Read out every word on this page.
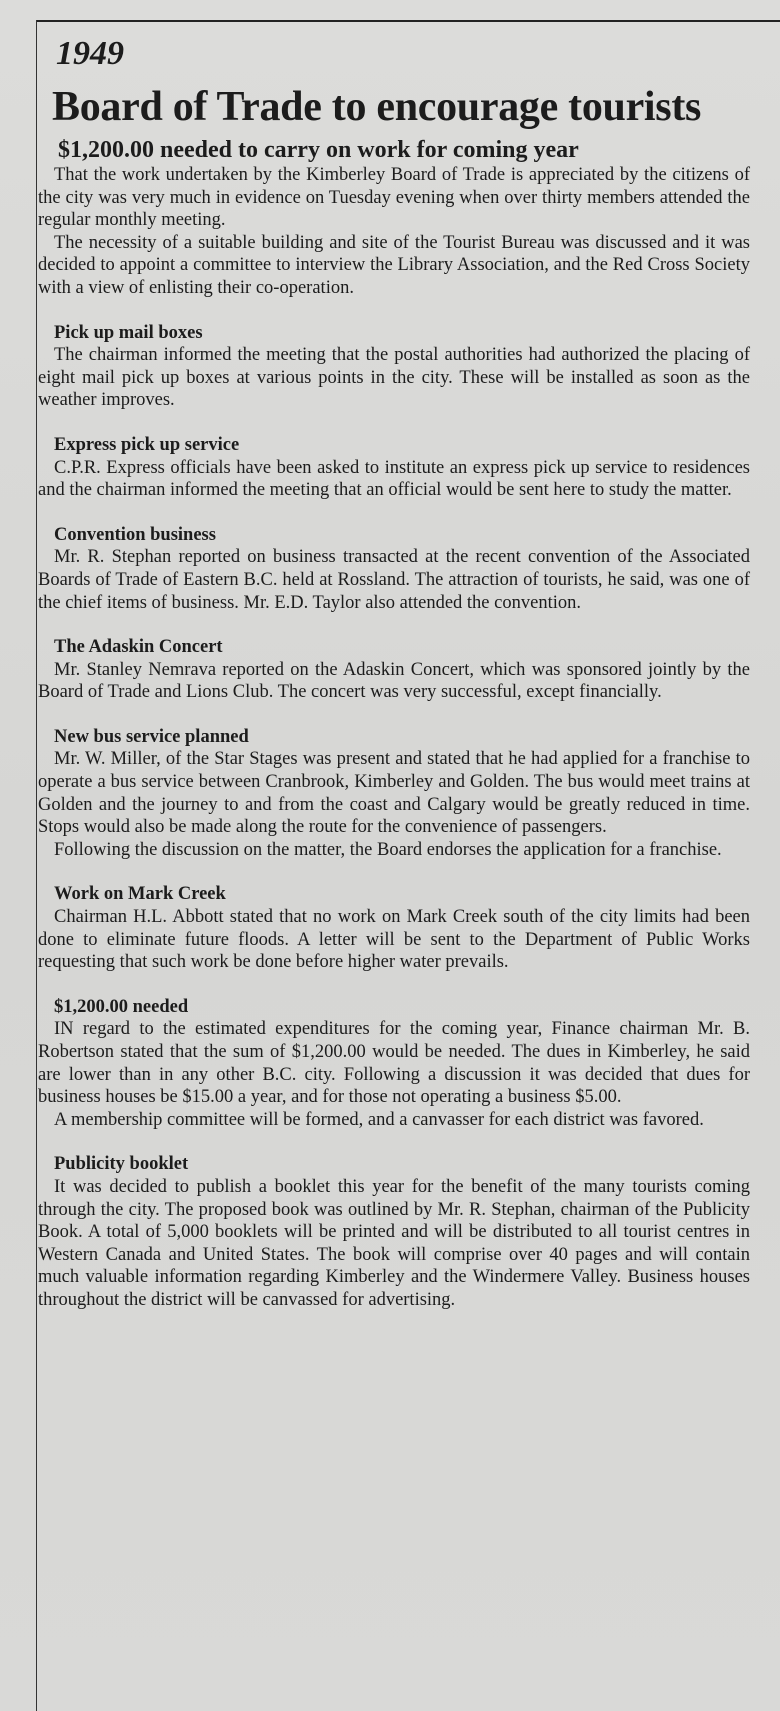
1949
Board of Trade to encourage tourists
$1,200.00 needed to carry on work for coming year

That the work undertaken by the Kimberley Board of Trade is appreciated by the citizens of the city was very much in evidence on Tuesday evening when over thirty members attended the regular monthly meeting.

The necessity of a suitable building and site of the Tourist Bureau was discussed and it was decided to appoint a committee to interview the Library Association, and the Red Cross Society with a view of enlisting their co-operation.

Pick up mail boxes

The chairman informed the meeting that the postal authorities had authorized the placing of eight mail pick up boxes at various points in the city. These will be installed as soon as the weather improves.

Express pick up service

C.P.R. Express officials have been asked to institute an express pick up service to residences and the chairman informed the meeting that an official would be sent here to study the matter.

Convention business

Mr. R. Stephan reported on business transacted at the recent convention of the Associated Boards of Trade of Eastern B.C. held at Rossland. The attraction of tourists, he said, was one of the chief items of business. Mr. E.D. Taylor also attended the convention.

The Adaskin Concert

Mr. Stanley Nemrava reported on the Adaskin Concert, which was sponsored jointly by the Board of Trade and Lions Club. The concert was very successful, except financially.

New bus service planned

Mr. W. Miller, of the Star Stages was present and stated that he had applied for a franchise to operate a bus service between Cranbrook, Kimberley and Golden. The bus would meet trains at Golden and the journey to and from the coast and Calgary would be greatly reduced in time. Stops would also be made along the route for the convenience of passengers.

Following the discussion on the matter, the Board endorses the application for a franchise.

Work on Mark Creek

Chairman H.L. Abbott stated that no work on Mark Creek south of the city limits had been done to eliminate future floods. A letter will be sent to the Department of Public Works requesting that such work be done before higher water prevails.

$1,200.00 needed

IN regard to the estimated expenditures for the coming year, Finance chairman Mr. B. Robertson stated that the sum of $1,200.00 would be needed. The dues in Kimberley, he said are lower than in any other B.C. city. Following a discussion it was decided that dues for business houses be $15.00 a year, and for those not operating a business $5.00.

A membership committee will be formed, and a canvasser for each district was favored.

Publicity booklet

It was decided to publish a booklet this year for the benefit of the many tourists coming through the city. The proposed book was outlined by Mr. R. Stephan, chairman of the Publicity Book. A total of 5,000 booklets will be printed and will be distributed to all tourist centres in Western Canada and United States. The book will comprise over 40 pages and will contain much valuable information regarding Kimberley and the Windermere Valley. Business houses throughout the district will be canvassed for advertising.
